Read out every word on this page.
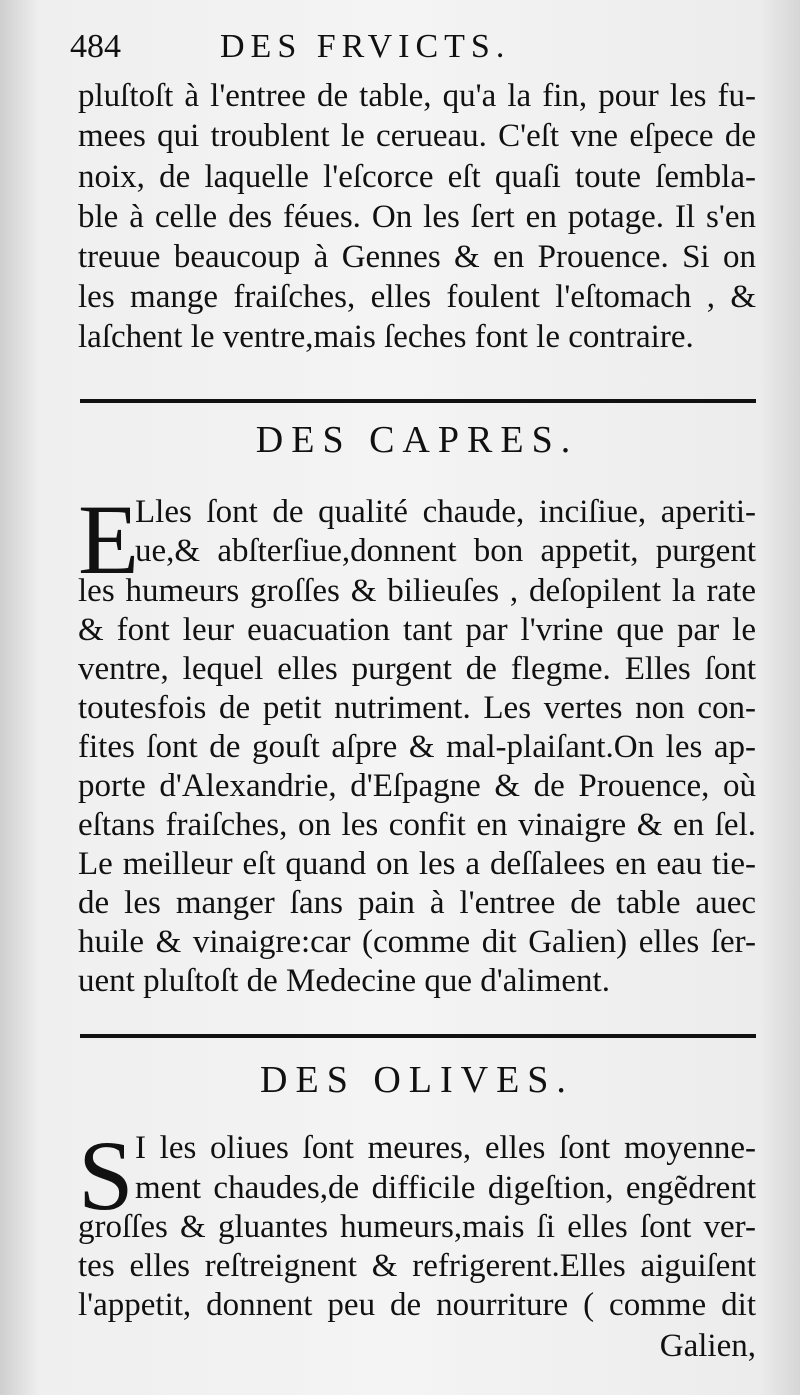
484	DES FRVICTS.
pluſtoſt à l'entree de table, qu'a la fin, pour les fu-
mees qui troublent le cerueau. C'eſt vne eſpece de
noix, de laquelle l'eſcorce eſt quaſi toute ſembla-
ble à celle des féues. On les ſert en potage. Il s'en
treuue beaucoup à Gennes & en Prouence. Si on
les mange fraiſches, elles foulent l'eſtomach , &
laſchent le ventre,mais ſeches font le contraire.
DES CAPRES.
E
Lles ſont de qualité chaude, inciſiue, aperiti-
ue,& abſterſiue,donnent bon appetit, purgent
les humeurs groſſes & bilieuſes , deſopilent la rate
& font leur euacuation tant par l'vrine que par le
ventre, lequel elles purgent de flegme. Elles ſont
toutesfois de petit nutriment. Les vertes non con-
fites ſont de gouſt aſpre & mal-plaiſant.On les ap-
porte d'Alexandrie, d'Eſpagne & de Prouence, où
eſtans fraiſches, on les confit en vinaigre & en ſel.
Le meilleur eſt quand on les a deſſalees en eau tie-
de les manger ſans pain à l'entree de table auec
huile & vinaigre:car (comme dit Galien) elles ſer-
uent pluſtoſt de Medecine que d'aliment.
DES OLIVES.
S I les oliues ſont meures, elles ſont moyenne-
ment chaudes,de difficile digeſtion, engẽdrent
groſſes & gluantes humeurs,mais ſi elles ſont ver-
tes elles reſtreignent & refrigerent.Elles aiguiſent
l'appetit, donnent peu de nourriture ( comme dit
Galien,
